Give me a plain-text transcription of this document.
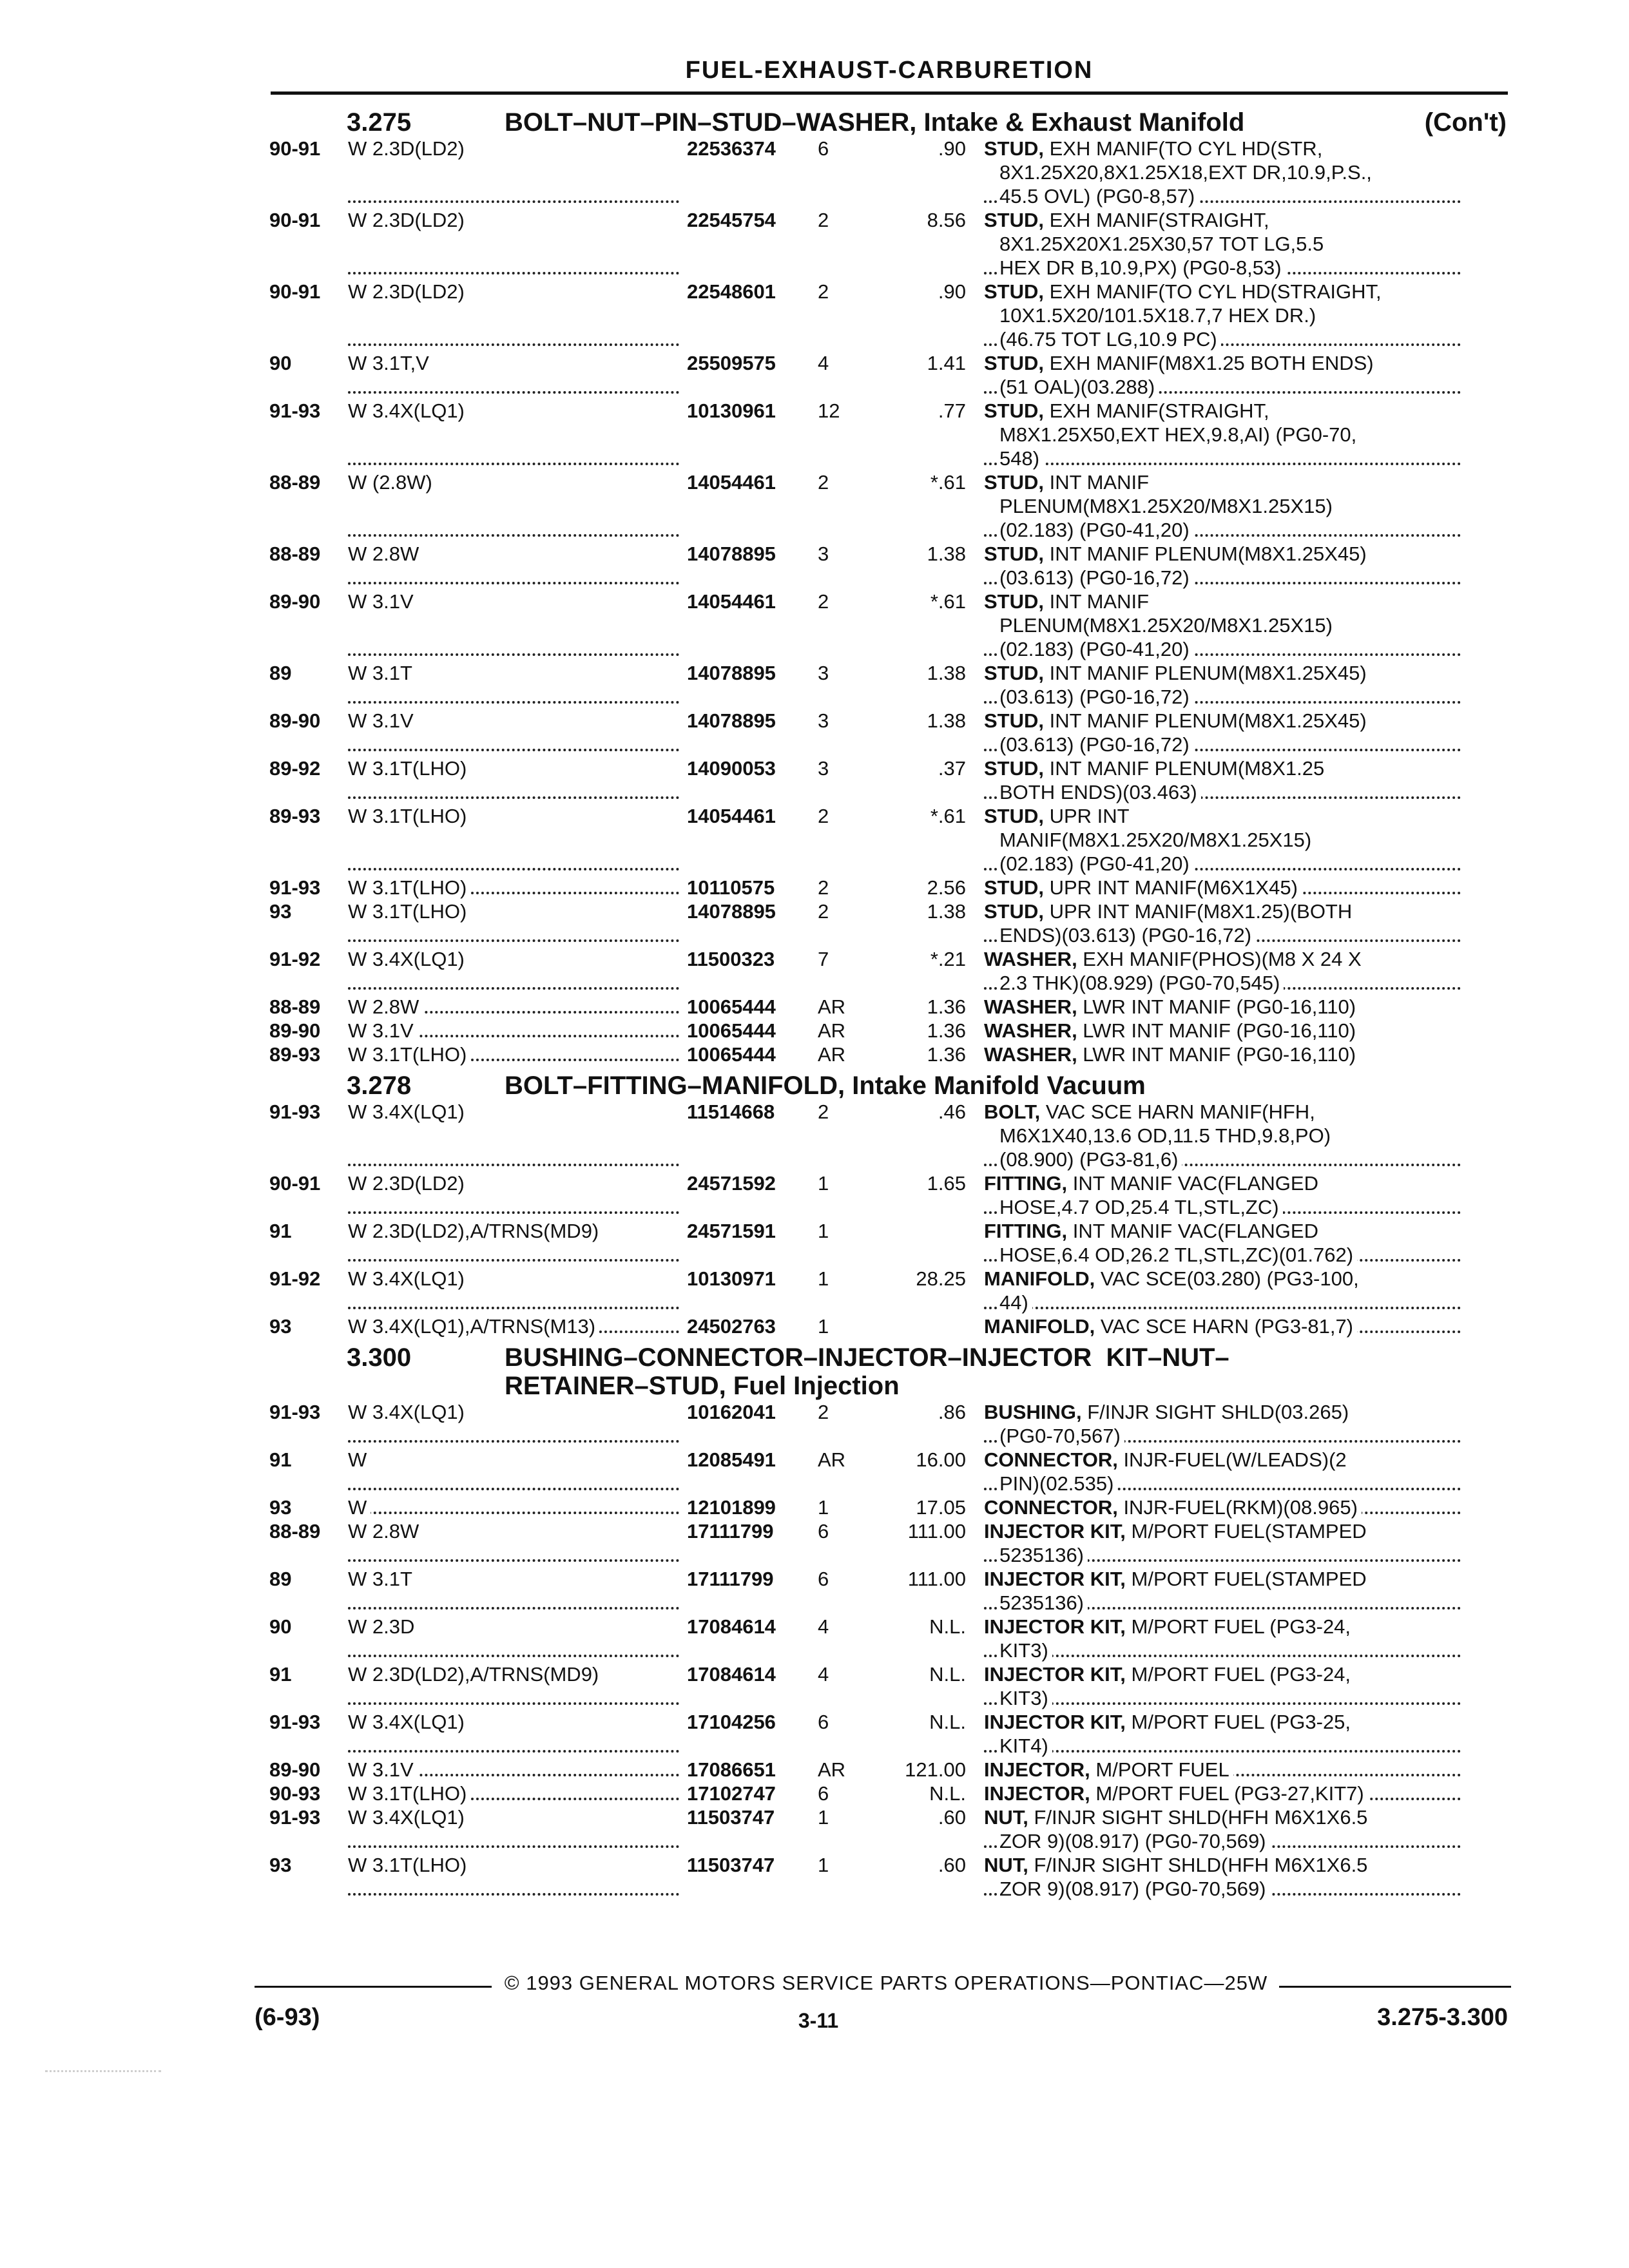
FUEL-EXHAUST-CARBURETION
3.275	BOLT–NUT–PIN–STUD–WASHER, Intake & Exhaust Manifold	(Con't)
90-91	W 2.3D(LD2)	22536374	6	.90 STUD, EXH MANIF(TO CYL HD(STR,
8X1.25X20,8X1.25X18,EXT DR,10.9,P.S.,
45.5 OVL) (PG0-8,57)
90-91	W 2.3D(LD2)	22545754	2	8.56 STUD, EXH MANIF(STRAIGHT,
8X1.25X20X1.25X30,57 TOT LG,5.5
HEX DR B,10.9,PX) (PG0-8,53)
90-91	W 2.3D(LD2)	22548601	2	.90 STUD, EXH MANIF(TO CYL HD(STRAIGHT,
10X1.5X20/101.5X18.7,7 HEX DR.)
(46.75 TOT LG,10.9 PC)
90	W 3.1T,V	25509575	4	1.41 STUD, EXH MANIF(M8X1.25 BOTH ENDS)
(51 OAL)(03.288)
91-93	W 3.4X(LQ1)	10130961	12	.77 STUD, EXH MANIF(STRAIGHT,
M8X1.25X50,EXT HEX,9.8,AI) (PG0-70,
548)
88-89	W (2.8W)	14054461	2	*.61 STUD, INT MANIF
PLENUM(M8X1.25X20/M8X1.25X15)
(02.183) (PG0-41,20)
88-89	W 2.8W	14078895	3	1.38 STUD, INT MANIF PLENUM(M8X1.25X45)
(03.613) (PG0-16,72)
89-90	W 3.1V	14054461	2	*.61 STUD, INT MANIF
PLENUM(M8X1.25X20/M8X1.25X15)
(02.183) (PG0-41,20)
89	W 3.1T	14078895	3	1.38 STUD, INT MANIF PLENUM(M8X1.25X45)
(03.613) (PG0-16,72)
89-90	W 3.1V	14078895	3	1.38 STUD, INT MANIF PLENUM(M8X1.25X45)
(03.613) (PG0-16,72)
89-92	W 3.1T(LHO)	14090053	3	.37 STUD, INT MANIF PLENUM(M8X1.25
BOTH ENDS)(03.463)
89-93	W 3.1T(LHO)	14054461	2	*.61 STUD, UPR INT
MANIF(M8X1.25X20/M8X1.25X15)
(02.183) (PG0-41,20)
91-93	W 3.1T(LHO)	10110575	2	2.56 STUD, UPR INT MANIF(M6X1X45)
93	W 3.1T(LHO)	14078895	2	1.38 STUD, UPR INT MANIF(M8X1.25)(BOTH
ENDS)(03.613) (PG0-16,72)
91-92	W 3.4X(LQ1)	11500323	7	*.21 WASHER, EXH MANIF(PHOS)(M8 X 24 X
2.3 THK)(08.929) (PG0-70,545)
88-89	W 2.8W	10065444	AR	1.36 WASHER, LWR INT MANIF (PG0-16,110)
89-90	W 3.1V	10065444	AR	1.36 WASHER, LWR INT MANIF (PG0-16,110)
89-93	W 3.1T(LHO)	10065444	AR	1.36 WASHER, LWR INT MANIF (PG0-16,110)
3.278	BOLT–FITTING–MANIFOLD, Intake Manifold Vacuum
91-93	W 3.4X(LQ1)	11514668	2	.46 BOLT, VAC SCE HARN MANIF(HFH,
M6X1X40,13.6 OD,11.5 THD,9.8,PO)
(08.900) (PG3-81,6)
90-91	W 2.3D(LD2)	24571592	1	1.65 FITTING, INT MANIF VAC(FLANGED
HOSE,4.7 OD,25.4 TL,STL,ZC)
91	W 2.3D(LD2),A/TRNS(MD9)	24571591	1	FITTING, INT MANIF VAC(FLANGED
HOSE,6.4 OD,26.2 TL,STL,ZC)(01.762)
91-92	W 3.4X(LQ1)	10130971	1	28.25 MANIFOLD, VAC SCE(03.280) (PG3-100,
44)
93	W 3.4X(LQ1),A/TRNS(M13)	24502763	1	MANIFOLD, VAC SCE HARN (PG3-81,7)
3.300	BUSHING–CONNECTOR–INJECTOR–INJECTOR  KIT–NUT–
RETAINER–STUD, Fuel Injection
91-93	W 3.4X(LQ1)	10162041	2	.86 BUSHING, F/INJR SIGHT SHLD(03.265)
(PG0-70,567)
91	W	12085491	AR	16.00 CONNECTOR, INJR-FUEL(W/LEADS)(2
PIN)(02.535)
93	W	12101899	1	17.05 CONNECTOR, INJR-FUEL(RKM)(08.965)
88-89	W 2.8W	17111799	6	111.00 INJECTOR KIT, M/PORT FUEL(STAMPED
5235136)
89	W 3.1T	17111799	6	111.00 INJECTOR KIT, M/PORT FUEL(STAMPED
5235136)
90	W 2.3D	17084614	4	N.L. INJECTOR KIT, M/PORT FUEL (PG3-24,
KIT3)
91	W 2.3D(LD2),A/TRNS(MD9)	17084614	4	N.L. INJECTOR KIT, M/PORT FUEL (PG3-24,
KIT3)
91-93	W 3.4X(LQ1)	17104256	6	N.L. INJECTOR KIT, M/PORT FUEL (PG3-25,
KIT4)
89-90	W 3.1V	17086651	AR	121.00 INJECTOR, M/PORT FUEL
90-93	W 3.1T(LHO)	17102747	6	N.L. INJECTOR, M/PORT FUEL (PG3-27,KIT7)
91-93	W 3.4X(LQ1)	11503747	1	.60 NUT, F/INJR SIGHT SHLD(HFH M6X1X6.5
ZOR 9)(08.917) (PG0-70,569)
93	W 3.1T(LHO)	11503747	1	.60 NUT, F/INJR SIGHT SHLD(HFH M6X1X6.5
ZOR 9)(08.917) (PG0-70,569)
© 1993 GENERAL MOTORS SERVICE PARTS OPERATIONS—PONTIAC—25W
(6-93)	3-11	3.275-3.300
